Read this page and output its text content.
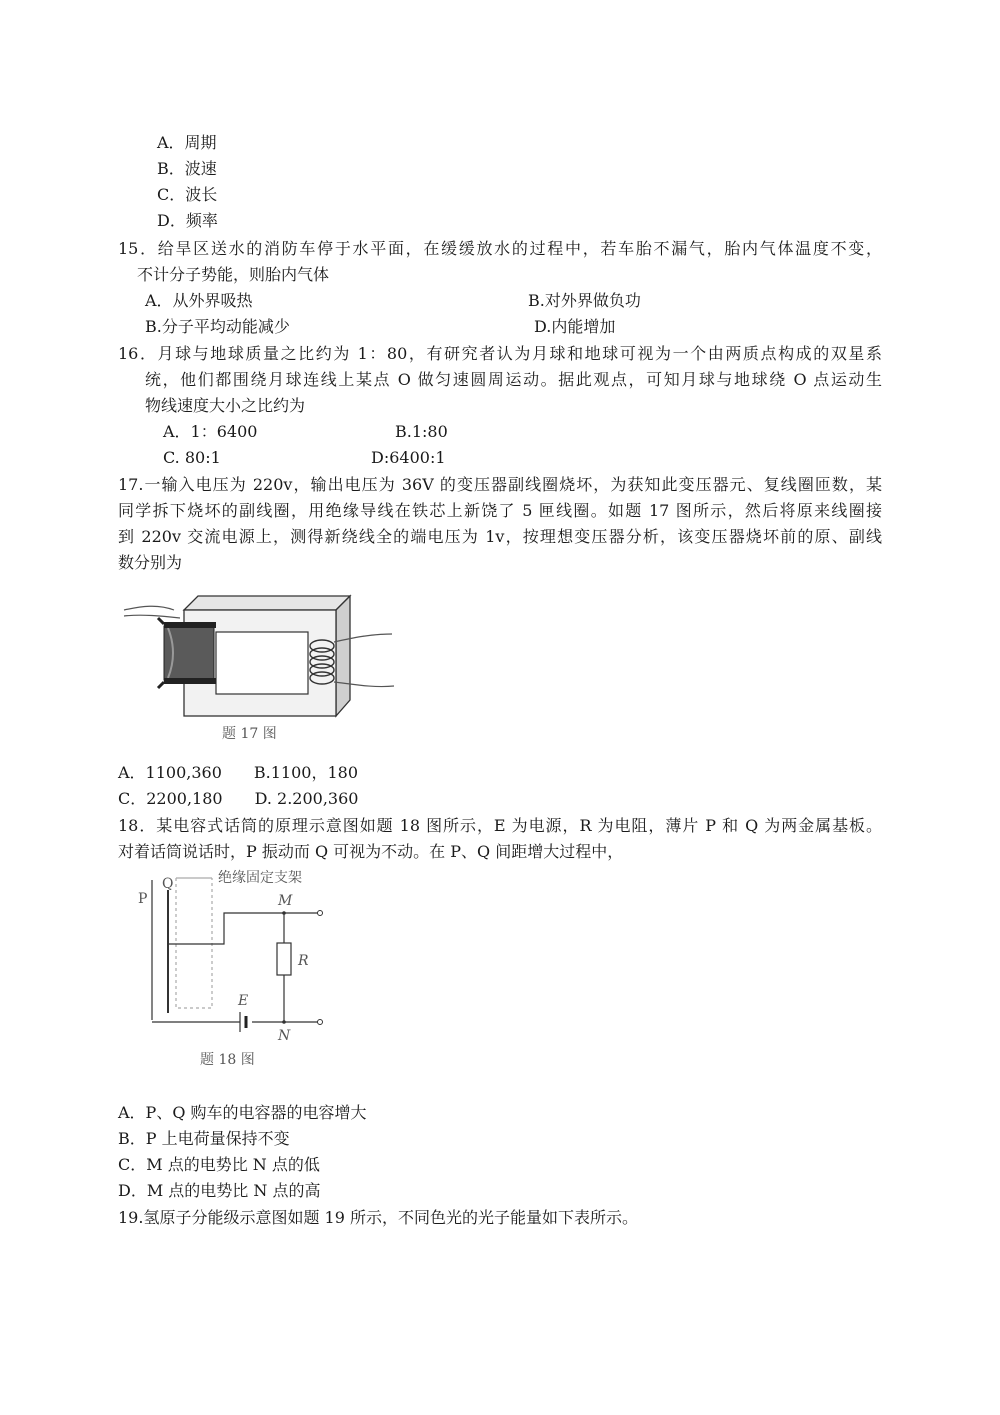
A．周期
B．波速
C．波长
D．频率
15．给旱区送水的消防车停于水平面，在缓缓放水的过程中，若车胎不漏气，胎内气体温度不变，
不计分子势能，则胎内气体
A．从外界吸热	B.对外界做负功
B.分子平均动能减少	D.内能增加
16．月球与地球质量之比约为 1：80，有研究者认为月球和地球可视为一个由两质点构成的双星系
统，他们都围绕月球连线上某点 O 做匀速圆周运动。据此观点，可知月球与地球绕 O 点运动生
物线速度大小之比约为
A．1：6400	B.1:80
C. 80:1	D:6400:1
17.一输入电压为 220v，输出电压为 36V 的变压器副线圈烧坏，为获知此变压器元、复线圈匝数，某
同学拆下烧坏的副线圈，用绝缘导线在铁芯上新饶了 5 匣线圈。如题 17 图所示，然后将原来线圈接
到 220v 交流电源上，测得新绕线全的端电压为 1v，按理想变压器分析，该变压器烧坏前的原、副线
数分别为
题 17 图
A．1100,360　　B.1100，180
C．2200,180　　D. 2.200,360
18．某电容式话筒的原理示意图如题 18 图所示，E 为电源，R 为电阻，薄片 P 和 Q 为两金属基板。
对着话筒说话时，P 振动而 Q 可视为不动。在 P、Q 间距增大过程中，
P
Q	绝缘固定支架
M
R
E
N
题 18 图
A．P、Q 购车的电容器的电容增大
B．P 上电荷量保持不变
C．M 点的电势比 N 点的低
D．M 点的电势比 N 点的高
19.氢原子分能级示意图如题 19 所示，不同色光的光子能量如下表所示。
